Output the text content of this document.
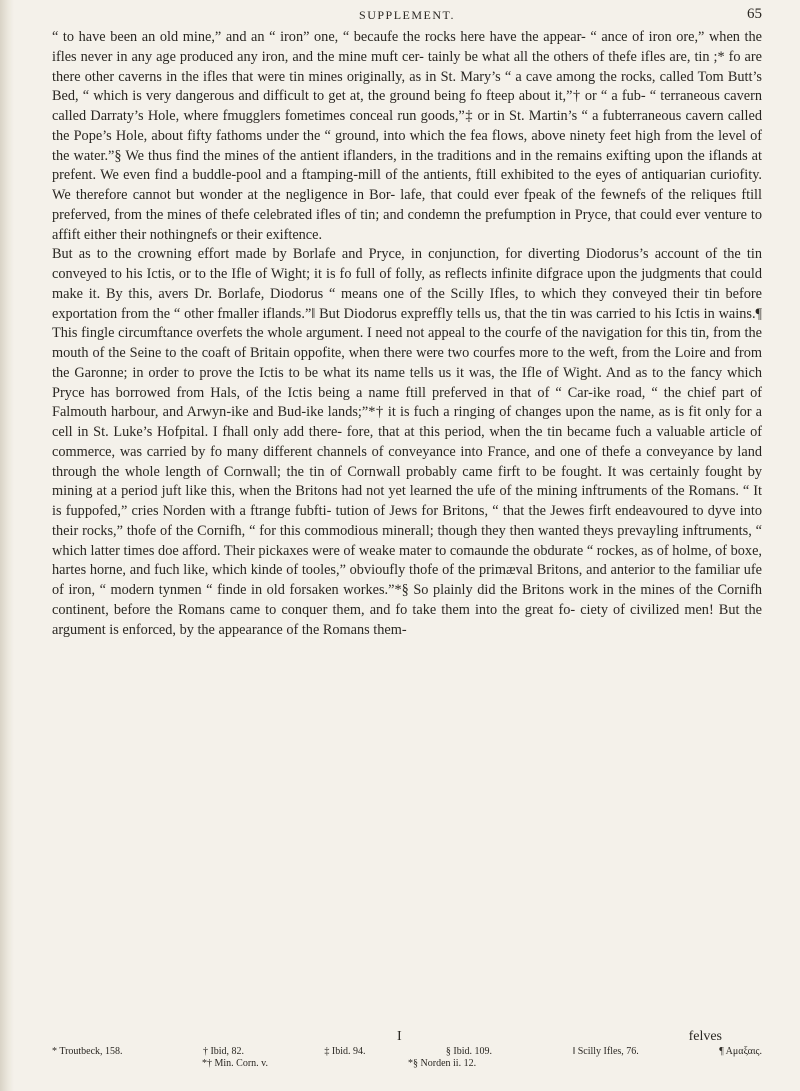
SUPPLEMENT.	65

“ to have been an old mine,” and an “ iron” one, “ becaufe the rocks here have the appear- “ ance of iron ore,” when the ifles never in any age produced any iron, and the mine muft cer- tainly be what all the others of thefe ifles are, tin ;* fo are there other caverns in the ifles that were tin mines originally, as in St. Mary’s “ a cave among the rocks, called Tom Butt’s Bed, “ which is very dangerous and difficult to get at, the ground being fo fteep about it,”† or “ a fub- “ terraneous cavern called Darraty’s Hole, where fmugglers fometimes conceal run goods,”‡ or in St. Martin’s “ a fubterraneous cavern called the Pope’s Hole, about fifty fathoms under the “ ground, into which the fea flows, above ninety feet high from the level of the water.”§ We thus find the mines of the antient iflanders, in the traditions and in the remains exifting upon the iflands at prefent. We even find a buddle-pool and a ftamping-mill of the antients, ftill exhibited to the eyes of antiquarian curiofity. We therefore cannot but wonder at the negligence in Bor- lafe, that could ever fpeak of the fewnefs of the reliques ftill preferved, from the mines of thefe celebrated ifles of tin; and condemn the prefumption in Pryce, that could ever venture to affift either their nothingnefs or their exiftence.

But as to the crowning effort made by Borlafe and Pryce, in conjunction, for diverting Diodorus’s account of the tin conveyed to his Ictis, or to the Ifle of Wight; it is fo full of folly, as reflects infinite difgrace upon the judgments that could make it. By this, avers Dr. Borlafe, Diodorus “ means one of the Scilly Ifles, to which they conveyed their tin before exportation from the “ other fmaller iflands.”‖ But Diodorus expreffly tells us, that the tin was carried to his Ictis in wains.¶ This fingle circumftance overfets the whole argument. I need not appeal to the courfe of the navigation for this tin, from the mouth of the Seine to the coaft of Britain oppofite, when there were two courfes more to the weft, from the Loire and from the Garonne; in order to prove the Ictis to be what its name tells us it was, the Ifle of Wight. And as to the fancy which Pryce has borrowed from Hals, of the Ictis being a name ftill preferved in that of “ Car-ike road, “ the chief part of Falmouth harbour, and Arwyn-ike and Bud-ike lands;”*† it is fuch a ringing of changes upon the name, as is fit only for a cell in St. Luke’s Hofpital. I fhall only add there- fore, that at this period, when the tin became fuch a valuable article of commerce, was carried by fo many different channels of conveyance into France, and one of thefe a conveyance by land through the whole length of Cornwall; the tin of Cornwall probably came firft to be fought. It was certainly fought by mining at a period juft like this, when the Britons had not yet learned the ufe of the mining inftruments of the Romans. “ It is fuppofed,” cries Norden with a ftrange fubfti- tution of Jews for Britons, “ that the Jewes firft endeavoured to dyve into their rocks,” thofe of the Cornifh, “ for this commodious minerall; though they then wanted theys prevayling inftruments, “ which latter times doe afford. Their pickaxes were of weake mater to comaunde the obdurate “ rockes, as of holme, of boxe, hartes horne, and fuch like, which kinde of tooles,” obvioufly thofe of the primæval Britons, and anterior to the familiar ufe of iron, “ modern tynmen “ finde in old forsaken workes.”*§ So plainly did the Britons work in the mines of the Cornifh continent, before the Romans came to conquer them, and fo take them into the great fo- ciety of civilized men! But the argument is enforced, by the appearance of the Romans them-

I	felves
* Troutbeck, 158.	† Ibid, 82.	‡ Ibid. 94.	§ Ibid. 109.	‖ Scilly Ifles, 76.	¶ Αμαξαις.
*† Min. Corn. v.	*§ Norden ii. 12.
